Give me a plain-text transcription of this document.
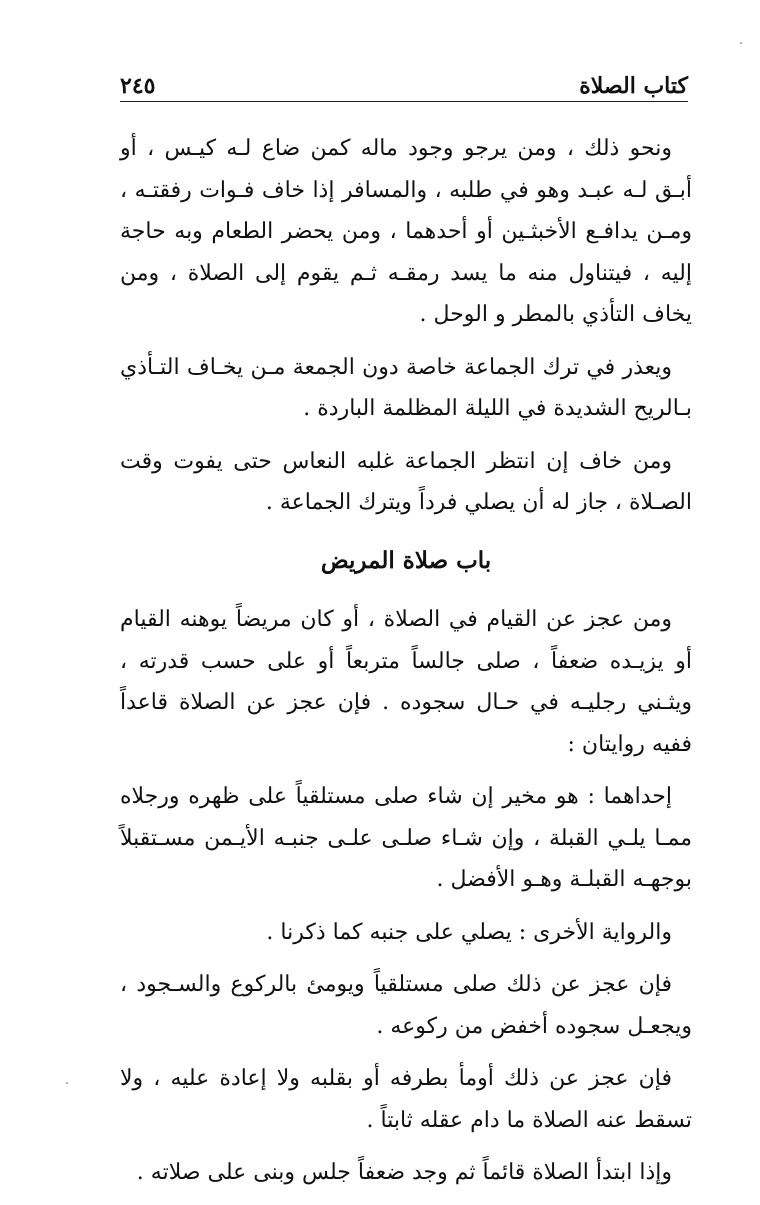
كتاب الصلاة
٢٤٥

ونحو ذلك ، ومن يرجو وجود ماله كمن ضاع لـه كيـس ، أو أبـق لـه عبـد وهو في طلبه ، والمسافر إذا خاف فـوات رفقتـه ، ومـن يدافـع الأخبثـين أو أحدهما ، ومن يحضر الطعام وبه حاجة إليه ، فيتناول منه ما يسد رمقـه ثـم يقوم إلى الصلاة ، ومن يخاف التأذي بالمطر و الوحل .

ويعذر في ترك الجماعة خاصة دون الجمعة مـن يخـاف التـأذي بـالريح الشديدة في الليلة المظلمة الباردة .

ومن خاف إن انتظر الجماعة غلبه النعاس حتى يفوت وقت الصـلاة ، جاز له أن يصلي فرداً ويترك الجماعة .

باب صلاة المريض

ومن عجز عن القيام في الصلاة ، أو كان مريضاً يوهنه القيام أو يزيـده ضعفاً ، صلى جالساً متربعاً أو على حسب قدرته ، ويثـني رجليـه في حـال سجوده . فإن عجز عن الصلاة قاعداً ففيه روايتان :

إحداهما : هو مخير إن شاء صلى مستلقياً على ظهره ورجلاه ممـا يلـي القبلة ، وإن شـاء صلـى علـى جنبـه الأيـمن مسـتقبلاً بوجهـه القبلـة وهـو الأفضل .

والرواية الأخرى : يصلي على جنبه كما ذكرنا .

فإن عجز عن ذلك صلى مستلقياً ويومئ بالركوع والسـجود ، ويجعـل سجوده أخفض من ركوعه .

فإن عجز عن ذلك أومأ بطرفه أو بقلبه ولا إعادة عليه ، ولا تسقط عنه الصلاة ما دام عقله ثابتاً .

وإذا ابتدأ الصلاة قائماً ثم وجد ضعفاً جلس وبنى على صلاته .
